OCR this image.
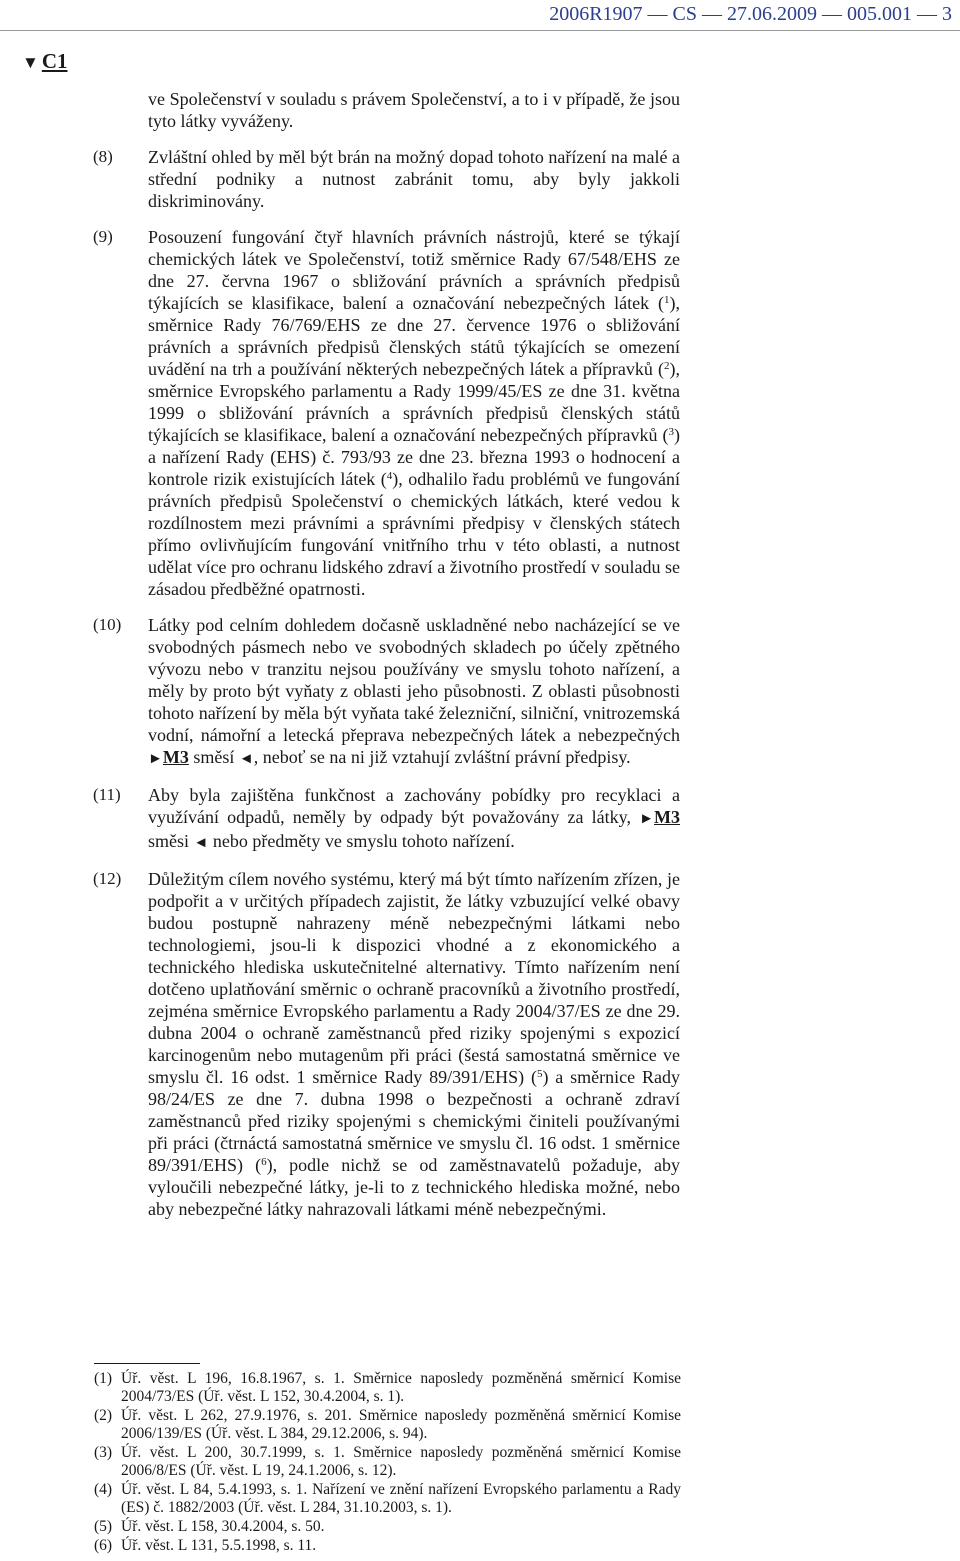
2006R1907 — CS — 27.06.2009 — 005.001 — 3
▼ C1
ve Společenství v souladu s právem Společenství, a to i v případě, že jsou tyto látky vyváženy.
(8) Zvláštní ohled by měl být brán na možný dopad tohoto nařízení na malé a střední podniky a nutnost zabránit tomu, aby byly jakkoli diskriminovány.
(9) Posouzení fungování čtyř hlavních právních nástrojů, které se týkají chemických látek ve Společenství, totiž směrnice Rady 67/548/EHS ze dne 27. června 1967 o sbližování právních a správních předpisů týkajících se klasifikace, balení a označování nebezpečných látek ($^1$), směrnice Rady 76/769/EHS ze dne 27. července 1976 o sbližování právních a správních předpisů členských států týkajících se omezení uvádění na trh a používání některých nebezpečných látek a přípravků ($^2$), směrnice Evropského parlamentu a Rady 1999/45/ES ze dne 31. května 1999 o sbližování právních a správních předpisů členských států týkajících se klasifikace, balení a označování nebezpečných přípravků ($^3$) a nařízení Rady (EHS) č. 793/93 ze dne 23. března 1993 o hodnocení a kontrole rizik existujících látek ($^4$), odhalilo řadu problémů ve fungování právních předpisů Společenství o chemických látkách, které vedou k rozdílnostem mezi právními a správními předpisy v členských státech přímo ovlivňujícím fungování vnitřního trhu v této oblasti, a nutnost udělat více pro ochranu lidského zdraví a životního prostředí v souladu se zásadou předběžné opatrnosti.
(10) Látky pod celním dohledem dočasně uskladněné nebo nacházející se ve svobodných pásmech nebo ve svobodných skladech po účely zpětného vývozu nebo v tranzitu nejsou používány ve smyslu tohoto nařízení, a měly by proto být vyňaty z oblasti jeho působnosti. Z oblasti působnosti tohoto nařízení by měla být vyňata také železniční, silniční, vnitrozemská vodní, námořní a letecká přeprava nebezpečných látek a nebezpečných ►M3 směsí ◄, neboť se na ni již vztahují zvláštní právní předpisy.
(11) Aby byla zajištěna funkčnost a zachovány pobídky pro recyklaci a využívání odpadů, neměly by odpady být považovány za látky, ►M3 směsi ◄ nebo předměty ve smyslu tohoto nařízení.
(12) Důležitým cílem nového systému, který má být tímto nařízením zřízen, je podpořit a v určitých případech zajistit, že látky vzbuzující velké obavy budou postupně nahrazeny méně nebezpečnými látkami nebo technologiemi, jsou-li k dispozici vhodné a z ekonomického a technického hlediska uskutečnitelné alternativy. Tímto nařízením není dotčeno uplatňování směrnic o ochraně pracovníků a životního prostředí, zejména směrnice Evropského parlamentu a Rady 2004/37/ES ze dne 29. dubna 2004 o ochraně zaměstnanců před riziky spojenými s expozicí karcinogenům nebo mutagenům při práci (šestá samostatná směrnice ve smyslu čl. 16 odst. 1 směrnice Rady 89/391/EHS) ($^5$) a směrnice Rady 98/24/ES ze dne 7. dubna 1998 o bezpečnosti a ochraně zdraví zaměstnanců před riziky spojenými s chemickými činiteli používanými při práci (čtrnáctá samostatná směrnice ve smyslu čl. 16 odst. 1 směrnice 89/391/EHS) ($^6$), podle nichž se od zaměstnavatelů požaduje, aby vyloučili nebezpečné látky, je-li to z technického hlediska možné, nebo aby nebezpečné látky nahrazovali látkami méně nebezpečnými.
(1) Úř. věst. L 196, 16.8.1967, s. 1. Směrnice naposledy pozměněná směrnicí Komise 2004/73/ES (Úř. věst. L 152, 30.4.2004, s. 1).
(2) Úř. věst. L 262, 27.9.1976, s. 201. Směrnice naposledy pozměněná směrnicí Komise 2006/139/ES (Úř. věst. L 384, 29.12.2006, s. 94).
(3) Úř. věst. L 200, 30.7.1999, s. 1. Směrnice naposledy pozměněná směrnicí Komise 2006/8/ES (Úř. věst. L 19, 24.1.2006, s. 12).
(4) Úř. věst. L 84, 5.4.1993, s. 1. Nařízení ve znění nařízení Evropského parlamentu a Rady (ES) č. 1882/2003 (Úř. věst. L 284, 31.10.2003, s. 1).
(5) Úř. věst. L 158, 30.4.2004, s. 50.
(6) Úř. věst. L 131, 5.5.1998, s. 11.
